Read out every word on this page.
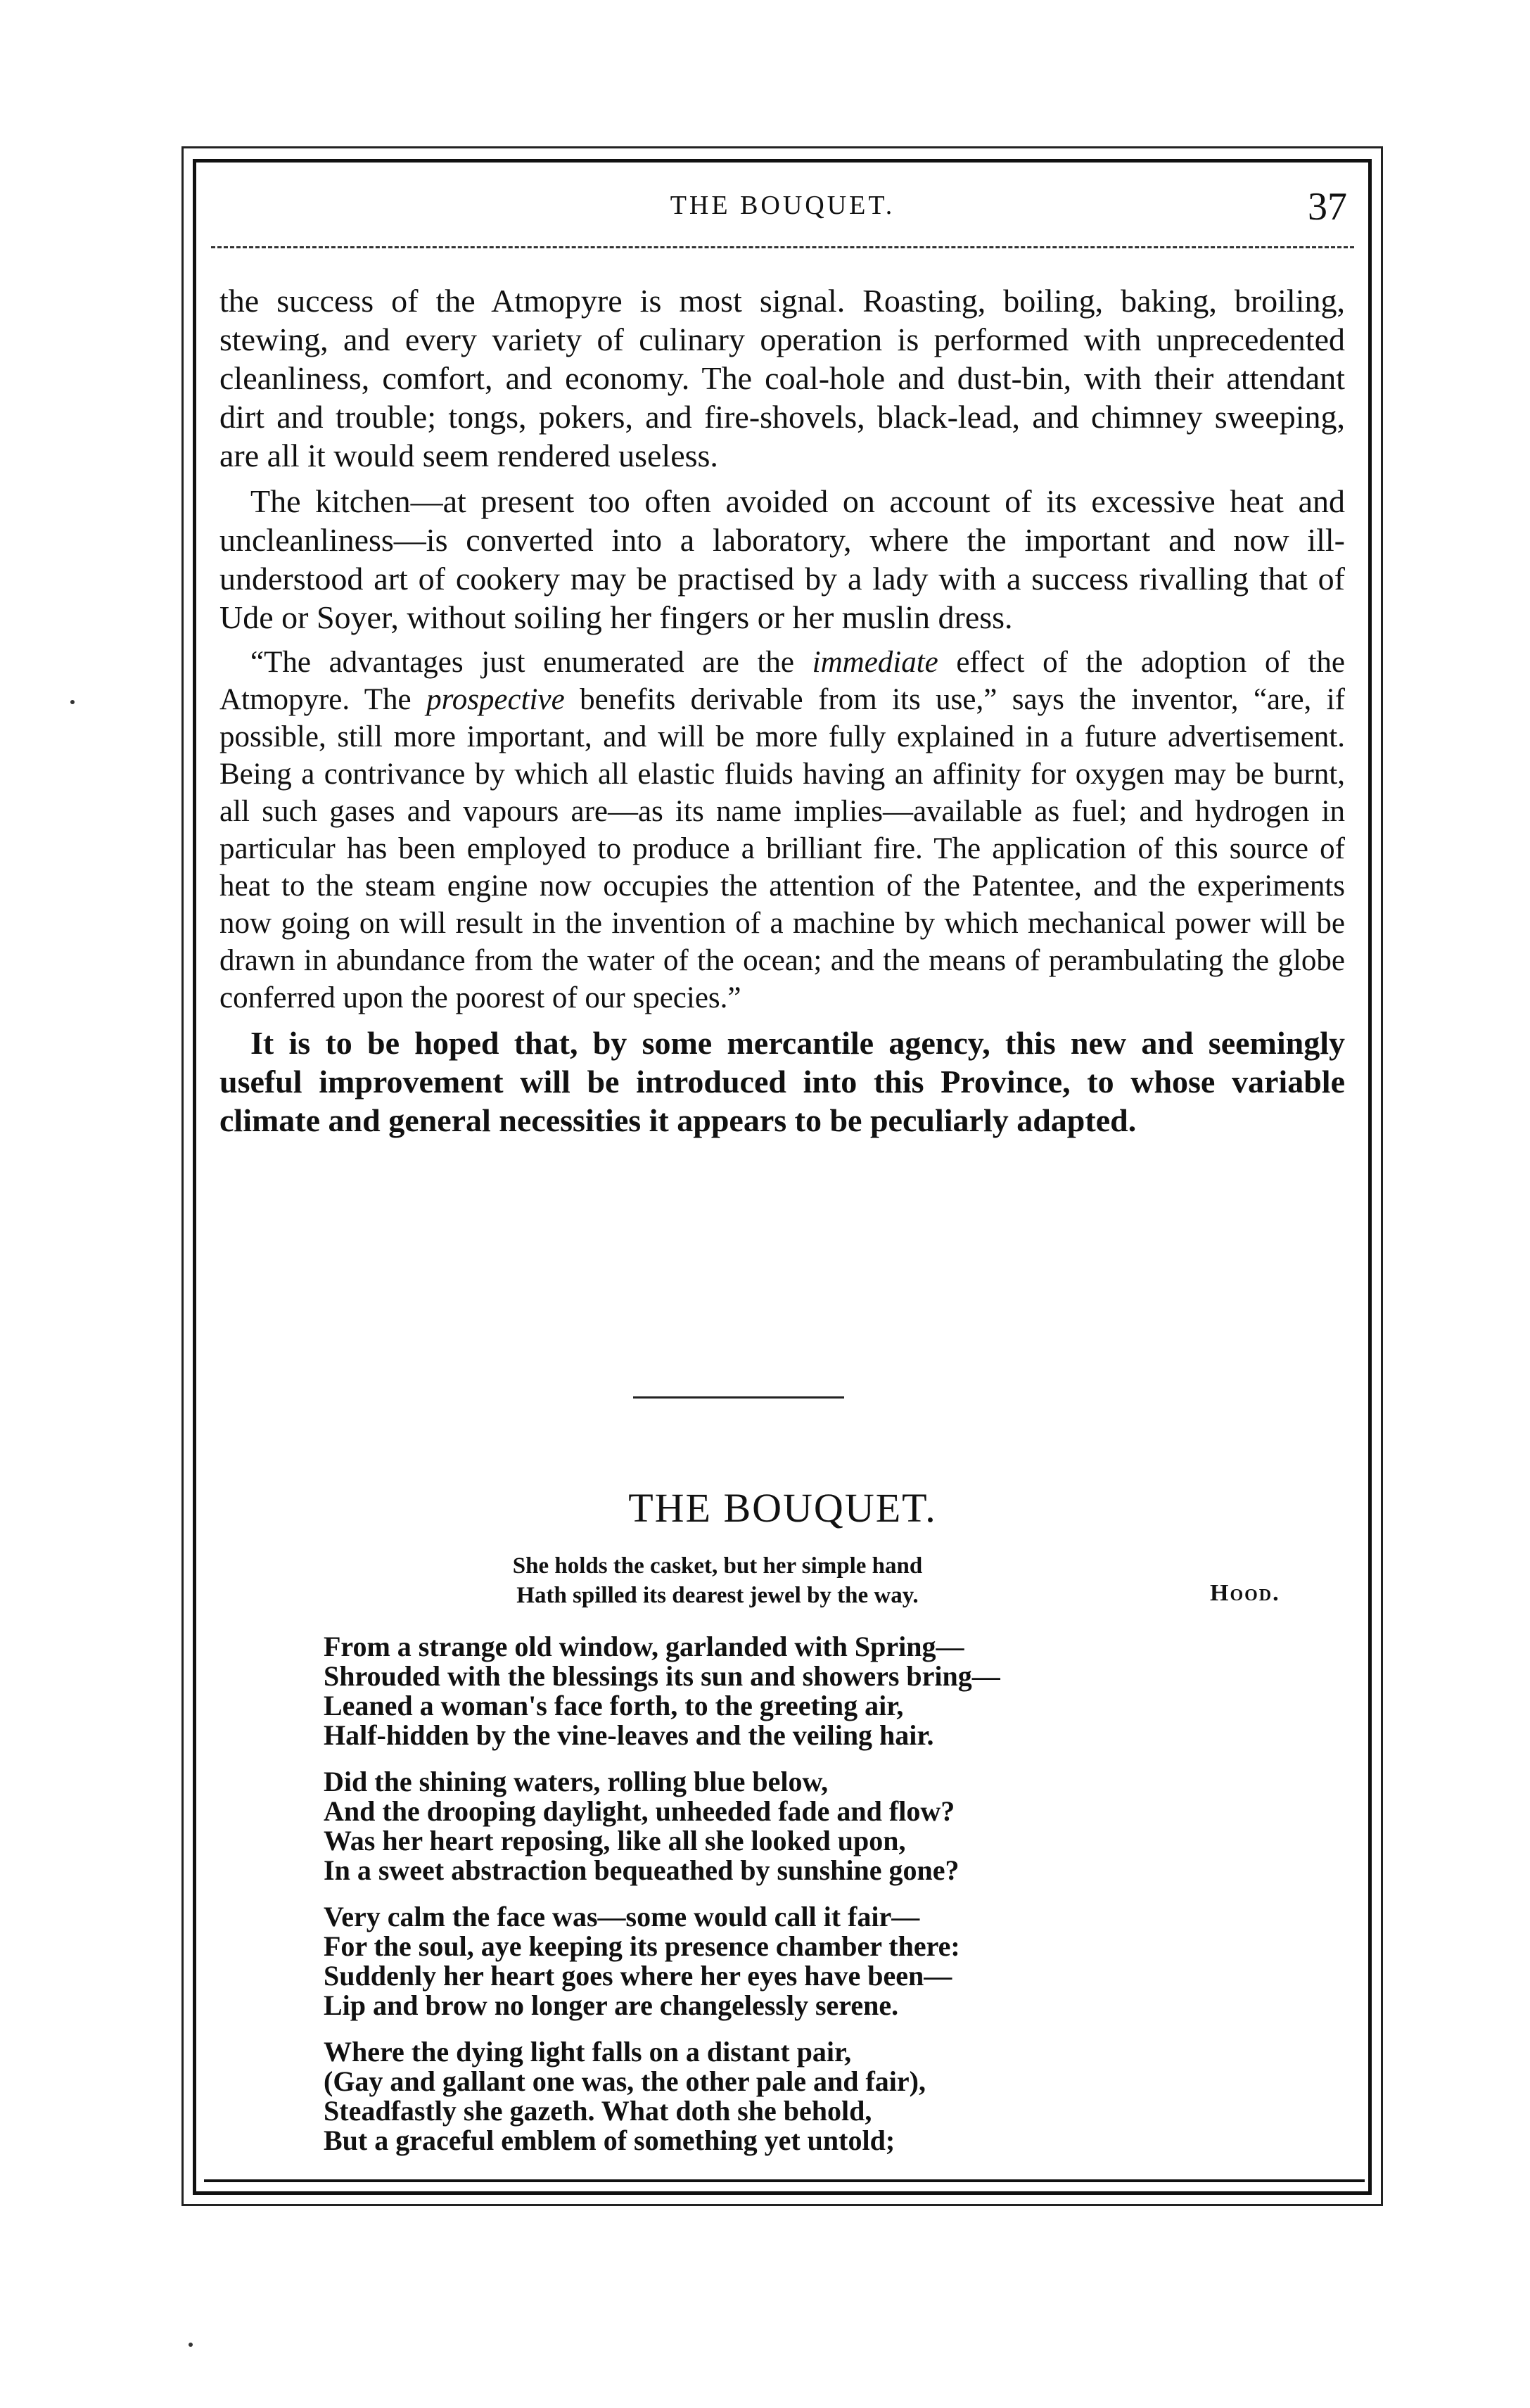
THE BOUQUET.	37

the success of the Atmopyre is most signal. Roasting, boiling, baking, broiling, stewing, and every variety of culinary operation is performed with unprecedented cleanliness, comfort, and economy. The coal-hole and dust-bin, with their attendant dirt and trouble; tongs, pokers, and fire-shovels, black-lead, and chimney sweeping, are all it would seem rendered useless.

The kitchen—at present too often avoided on account of its excessive heat and uncleanliness—is converted into a laboratory, where the important and now ill-understood art of cookery may be practised by a lady with a success rivalling that of Ude or Soyer, without soiling her fingers or her muslin dress.

“The advantages just enumerated are the immediate effect of the adoption of the Atmopyre. The prospective benefits derivable from its use,” says the inventor, “are, if possible, still more important, and will be more fully explained in a future advertisement. Being a contrivance by which all elastic fluids having an affinity for oxygen may be burnt, all such gases and vapours are—as its name implies—available as fuel; and hydrogen in particular has been employed to produce a brilliant fire. The application of this source of heat to the steam engine now occupies the attention of the Patentee, and the experiments now going on will result in the invention of a machine by which mechanical power will be drawn in abundance from the water of the ocean; and the means of perambulating the globe conferred upon the poorest of our species.”

It is to be hoped that, by some mercantile agency, this new and seemingly useful improvement will be introduced into this Province, to whose variable climate and general necessities it appears to be peculiarly adapted.

THE BOUQUET.
She holds the casket, but her simple hand
Hath spilled its dearest jewel by the way.	Hood.
From a strange old window, garlanded with Spring—
Shrouded with the blessings its sun and showers bring—
Leaned a woman's face forth, to the greeting air,
Half-hidden by the vine-leaves and the veiling hair.
Did the shining waters, rolling blue below,
And the drooping daylight, unheeded fade and flow?
Was her heart reposing, like all she looked upon,
In a sweet abstraction bequeathed by sunshine gone?
Very calm the face was—some would call it fair—
For the soul, aye keeping its presence chamber there:
Suddenly her heart goes where her eyes have been—
Lip and brow no longer are changelessly serene.
Where the dying light falls on a distant pair,
(Gay and gallant one was, the other pale and fair),
Steadfastly she gazeth. What doth she behold,
But a graceful emblem of something yet untold;
